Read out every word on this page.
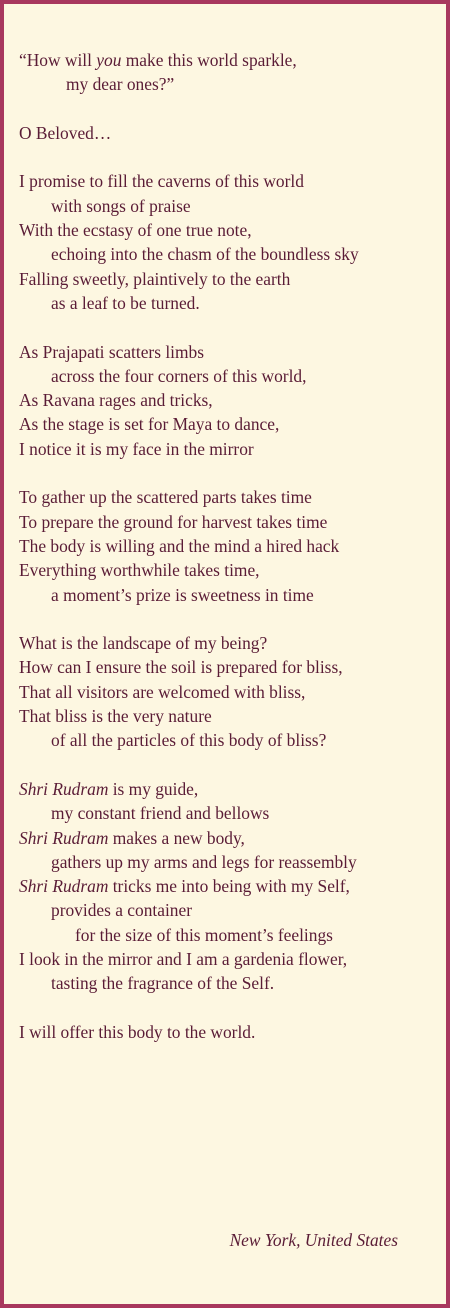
“How will you make this world sparkle,
my dear ones?”
O Beloved…
I promise to fill the caverns of this world
with songs of praise
With the ecstasy of one true note,
echoing into the chasm of the boundless sky
Falling sweetly, plaintively to the earth
as a leaf to be turned.
As Prajapati scatters limbs
across the four corners of this world,
As Ravana rages and tricks,
As the stage is set for Maya to dance,
I notice it is my face in the mirror
To gather up the scattered parts takes time
To prepare the ground for harvest takes time
The body is willing and the mind a hired hack
Everything worthwhile takes time,
a moment’s prize is sweetness in time
What is the landscape of my being?
How can I ensure the soil is prepared for bliss,
That all visitors are welcomed with bliss,
That bliss is the very nature
of all the particles of this body of bliss?
Shri Rudram is my guide,
my constant friend and bellows
Shri Rudram makes a new body,
gathers up my arms and legs for reassembly
Shri Rudram tricks me into being with my Self,
provides a container
for the size of this moment’s feelings
I look in the mirror and I am a gardenia flower,
tasting the fragrance of the Self.
I will offer this body to the world.
New York, United States
